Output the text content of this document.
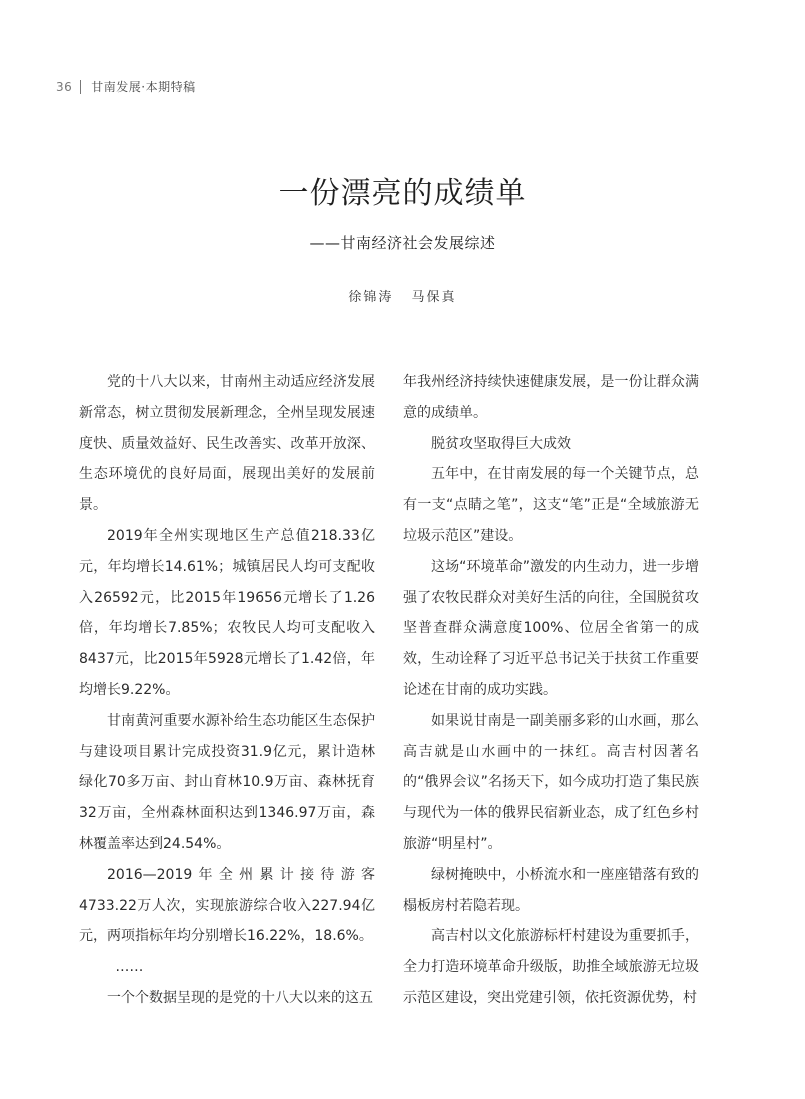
36 甘南发展·本期特稿
一份漂亮的成绩单
——甘南经济社会发展综述
徐锦涛 马保真

党的十八大以来，甘南州主动适应经济发展新常态，树立贯彻发展新理念，全州呈现发展速度快、质量效益好、民生改善实、改革开放深、生态环境优的良好局面，展现出美好的发展前景。

2019年全州实现地区生产总值218.33亿元，年均增长14.61%；城镇居民人均可支配收入26592元，比2015年19656元增长了1.26倍，年均增长7.85%；农牧民人均可支配收入8437元，比2015年5928元增长了1.42倍，年均增长9.22%。

甘南黄河重要水源补给生态功能区生态保护与建设项目累计完成投资31.9亿元，累计造林绿化70多万亩、封山育林10.9万亩、森林抚育32万亩，全州森林面积达到1346.97万亩，森林覆盖率达到24.54%。

2016—2019年全州累计接待游客4733.22万人次，实现旅游综合收入227.94亿元，两项指标年均分别增长16.22%，18.6%。

……

一个个数据呈现的是党的十八大以来的这五

年我州经济持续快速健康发展，是一份让群众满意的成绩单。

脱贫攻坚取得巨大成效

五年中，在甘南发展的每一个关键节点，总有一支“点睛之笔”，这支“笔”正是“全域旅游无垃圾示范区”建设。

这场“环境革命”激发的内生动力，进一步增强了农牧民群众对美好生活的向往，全国脱贫攻坚普查群众满意度100%、位居全省第一的成效，生动诠释了习近平总书记关于扶贫工作重要论述在甘南的成功实践。

如果说甘南是一副美丽多彩的山水画，那么高吉就是山水画中的一抹红。高吉村因著名的“俄界会议”名扬天下，如今成功打造了集民族与现代为一体的俄界民宿新业态，成了红色乡村旅游“明星村”。

绿树掩映中，小桥流水和一座座错落有致的榻板房村若隐若现。

高吉村以文化旅游标杆村建设为重要抓手，全力打造环境革命升级版，助推全域旅游无垃圾示范区建设，突出党建引领，依托资源优势，村
